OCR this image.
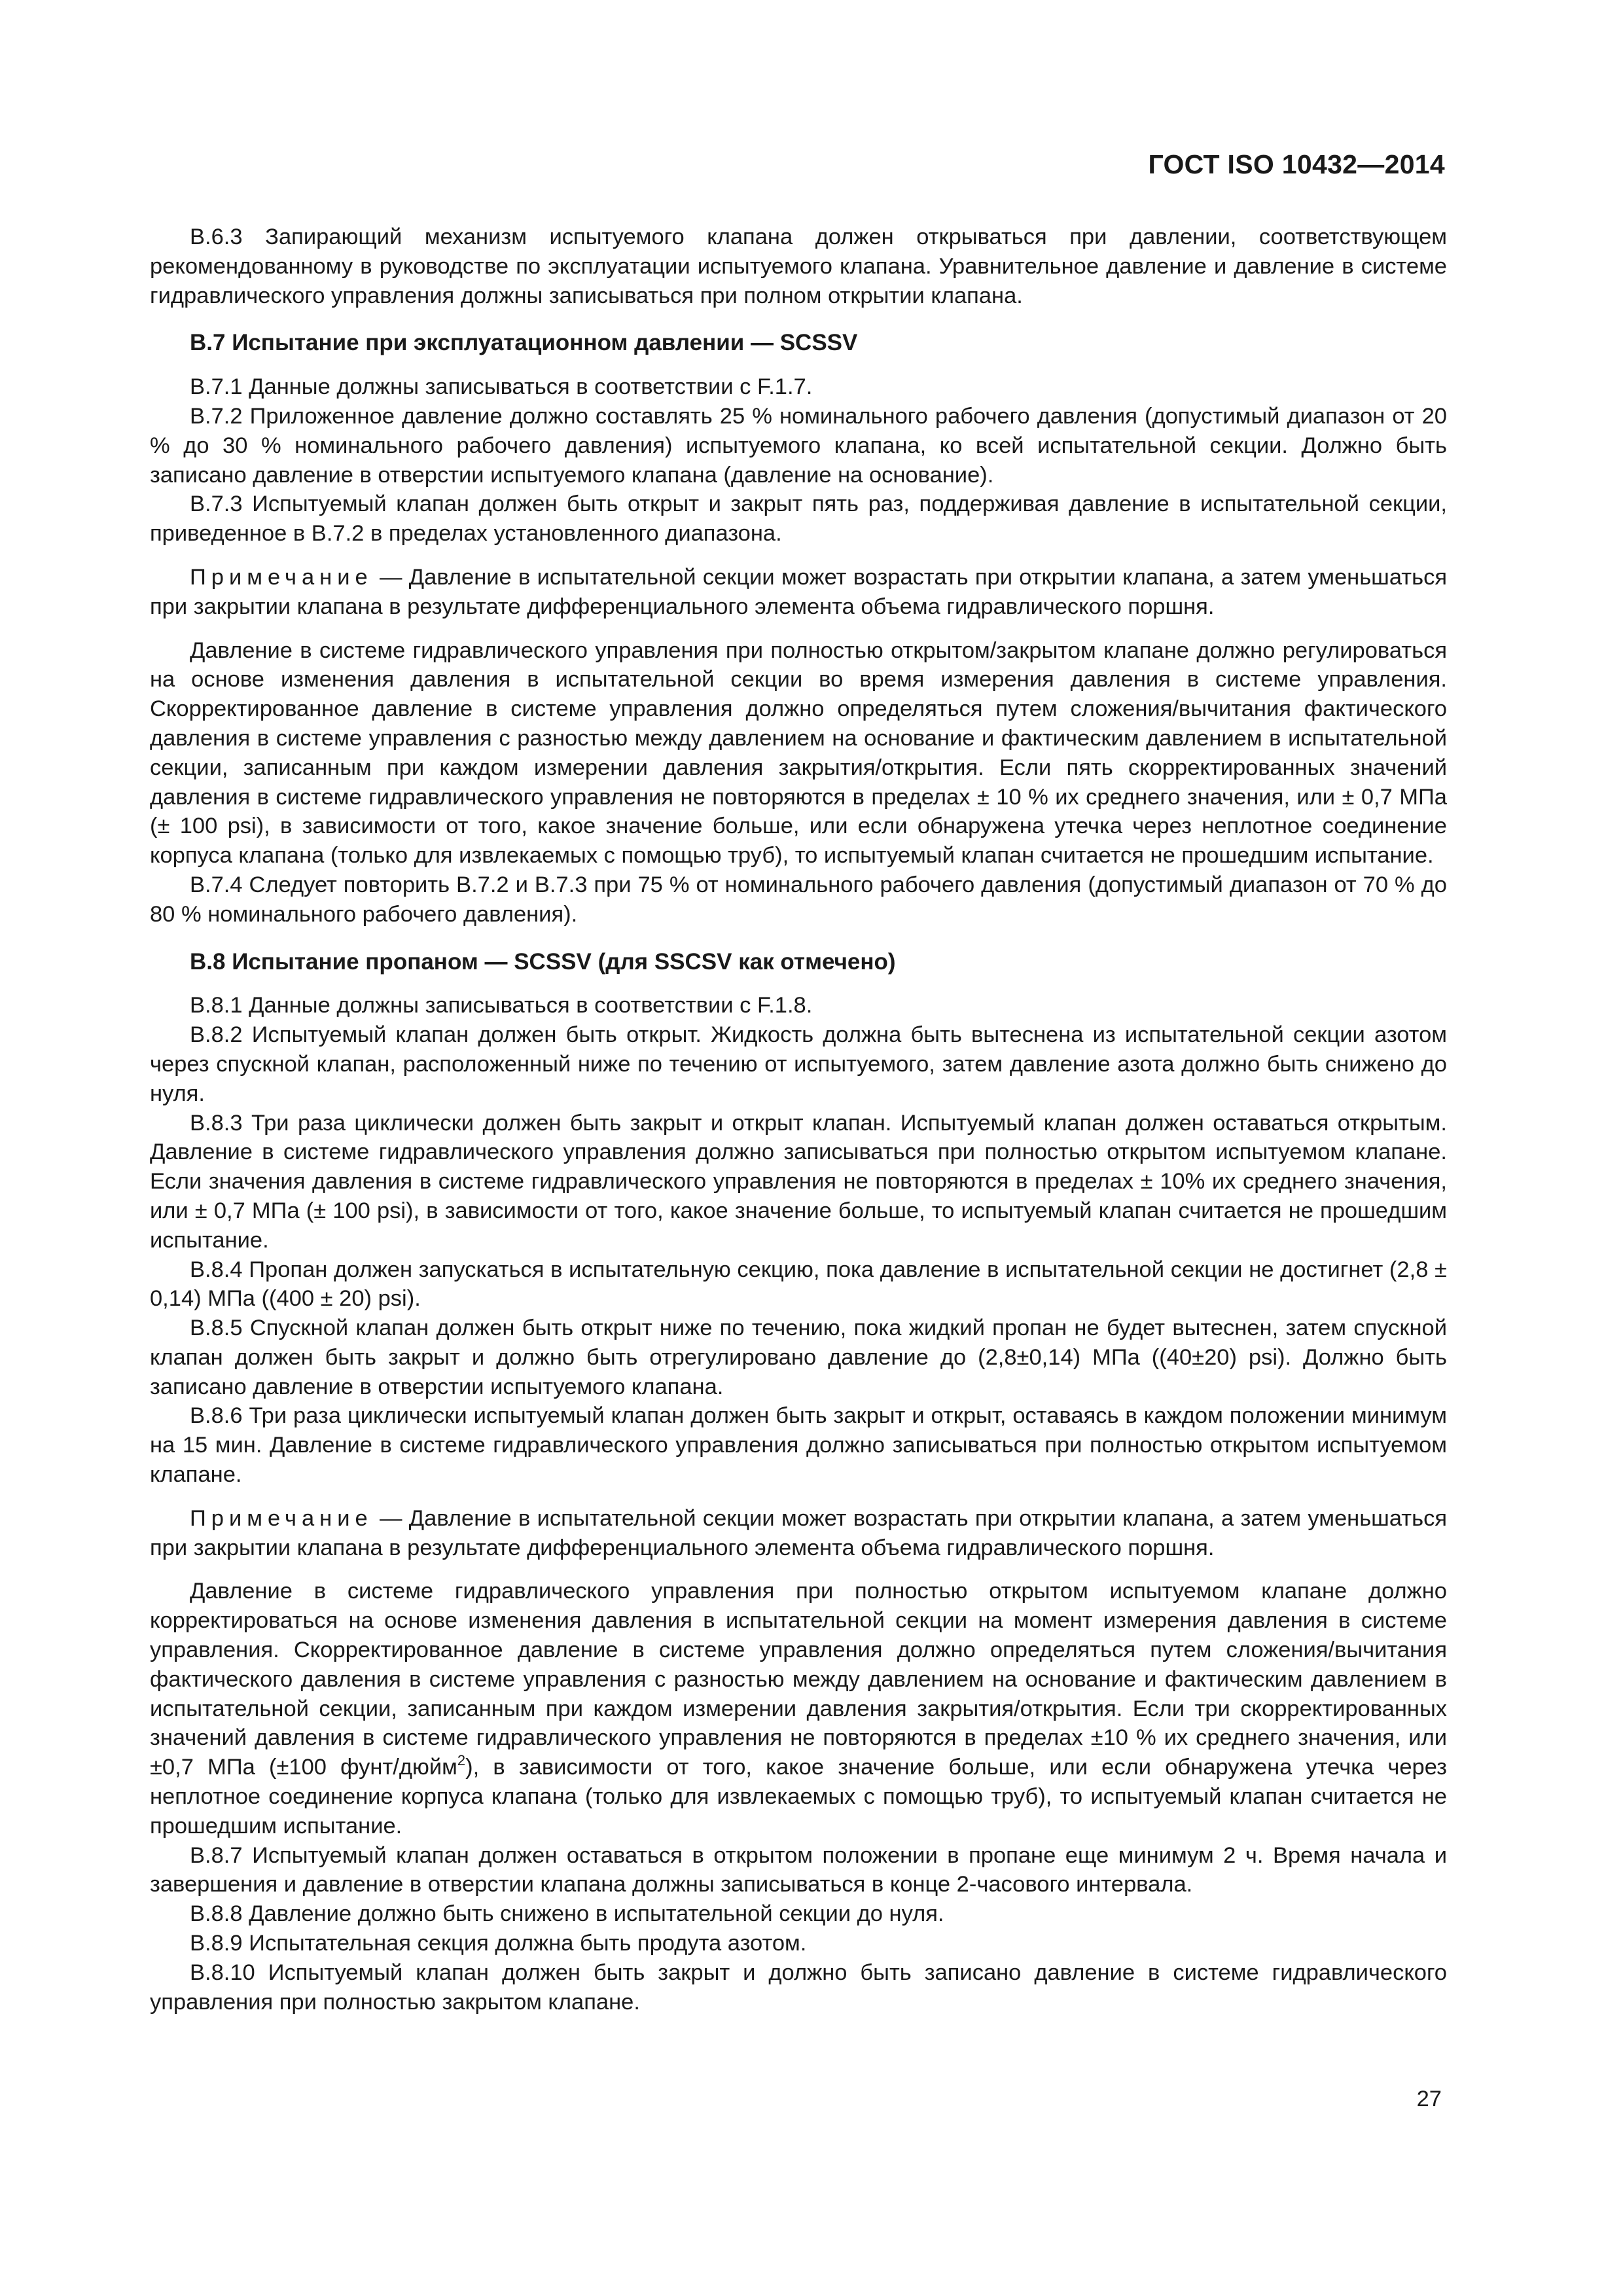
ГОСТ ISO 10432—2014

B.6.3 Запирающий механизм испытуемого клапана должен открываться при давлении, соответствующем рекомендованному в руководстве по эксплуатации испытуемого клапана. Уравнительное давление и давление в системе гидравлического управления должны записываться при полном открытии клапана.

B.7 Испытание при эксплуатационном давлении — SCSSV

B.7.1 Данные должны записываться в соответствии с F.1.7.

B.7.2 Приложенное давление должно составлять 25 % номинального рабочего давления (допустимый диапазон от 20 % до 30 % номинального рабочего давления) испытуемого клапана, ко всей испытательной секции. Должно быть записано давление в отверстии испытуемого клапана (давление на основание).

B.7.3 Испытуемый клапан должен быть открыт и закрыт пять раз, поддерживая давление в испытательной секции, приведенное в B.7.2 в пределах установленного диапазона.

Примечание — Давление в испытательной секции может возрастать при открытии клапана, а затем уменьшаться при закрытии клапана в результате дифференциального элемента объема гидравлического поршня.

Давление в системе гидравлического управления при полностью открытом/закрытом клапане должно регулироваться на основе изменения давления в испытательной секции во время измерения давления в системе управления. Скорректированное давление в системе управления должно определяться путем сложения/вычитания фактического давления в системе управления с разностью между давлением на основание и фактическим давлением в испытательной секции, записанным при каждом измерении давления закрытия/открытия. Если пять скорректированных значений давления в системе гидравлического управления не повторяются в пределах ± 10 % их среднего значения, или ± 0,7 МПа (± 100 psi), в зависимости от того, какое значение больше, или если обнаружена утечка через неплотное соединение корпуса клапана (только для извлекаемых с помощью труб), то испытуемый клапан считается не прошедшим испытание.

B.7.4 Следует повторить B.7.2 и B.7.3 при 75 % от номинального рабочего давления (допустимый диапазон от 70 % до 80 % номинального рабочего давления).

B.8 Испытание пропаном — SCSSV (для SSCSV как отмечено)

B.8.1 Данные должны записываться в соответствии с F.1.8.

B.8.2 Испытуемый клапан должен быть открыт. Жидкость должна быть вытеснена из испытательной секции азотом через спускной клапан, расположенный ниже по течению от испытуемого, затем давление азота должно быть снижено до нуля.

B.8.3 Три раза циклически должен быть закрыт и открыт клапан. Испытуемый клапан должен оставаться открытым. Давление в системе гидравлического управления должно записываться при полностью открытом испытуемом клапане. Если значения давления в системе гидравлического управления не повторяются в пределах ± 10% их среднего значения, или ± 0,7 МПа (± 100 psi), в зависимости от того, какое значение больше, то испытуемый клапан считается не прошедшим испытание.

B.8.4 Пропан должен запускаться в испытательную секцию, пока давление в испытательной секции не достигнет (2,8 ± 0,14) МПа ((400 ± 20) psi).

B.8.5 Спускной клапан должен быть открыт ниже по течению, пока жидкий пропан не будет вытеснен, затем спускной клапан должен быть закрыт и должно быть отрегулировано давление до (2,8±0,14) МПа ((40±20) psi). Должно быть записано давление в отверстии испытуемого клапана.

B.8.6 Три раза циклически испытуемый клапан должен быть закрыт и открыт, оставаясь в каждом положении минимум на 15 мин. Давление в системе гидравлического управления должно записываться при полностью открытом испытуемом клапане.

Примечание — Давление в испытательной секции может возрастать при открытии клапана, а затем уменьшаться при закрытии клапана в результате дифференциального элемента объема гидравлического поршня.

Давление в системе гидравлического управления при полностью открытом испытуемом клапане должно корректироваться на основе изменения давления в испытательной секции на момент измерения давления в системе управления. Скорректированное давление в системе управления должно определяться путем сложения/вычитания фактического давления в системе управления с разностью между давлением на основание и фактическим давлением в испытательной секции, записанным при каждом измерении давления закрытия/открытия. Если три скорректированных значений давления в системе гидравлического управления не повторяются в пределах ±10 % их среднего значения, или ±0,7 МПа (±100 фунт/дюйм$^2$), в зависимости от того, какое значение больше, или если обнаружена утечка через неплотное соединение корпуса клапана (только для извлекаемых с помощью труб), то испытуемый клапан считается не прошедшим испытание.

B.8.7 Испытуемый клапан должен оставаться в открытом положении в пропане еще минимум 2 ч. Время начала и завершения и давление в отверстии клапана должны записываться в конце 2-часового интервала.

B.8.8 Давление должно быть снижено в испытательной секции до нуля.

B.8.9 Испытательная секция должна быть продута азотом.

B.8.10 Испытуемый клапан должен быть закрыт и должно быть записано давление в системе гидравлического управления при полностью закрытом клапане.

27
